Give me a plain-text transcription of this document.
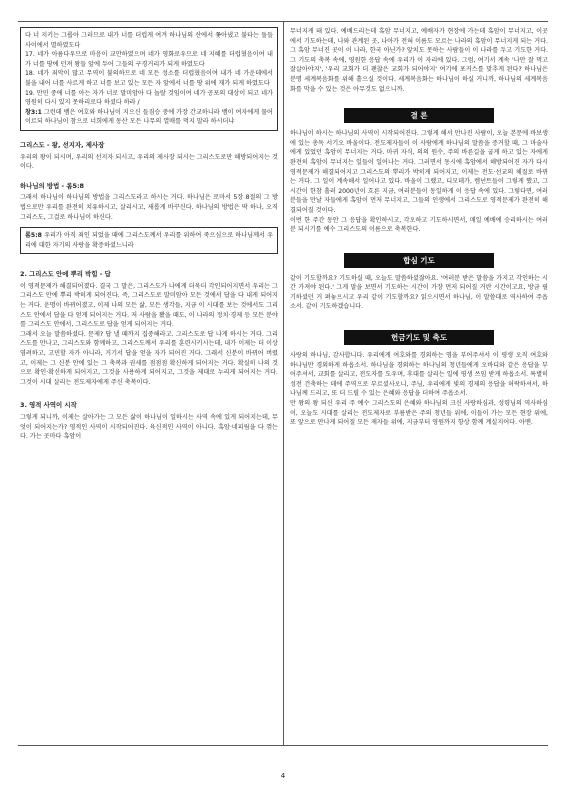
다 너 지키는 그룹아 그러므로 내가 너를 더럽게 여겨 하나님의 산에서 쫓아냈고 불타는 돌들 사이에서 멸하였도다

17. 네가 아름다우므로 마음이 교만하였으며 네가 영화로우므로 네 지혜를 더럽혔음이여 내가 너를 땅에 던져 왕들 앞에 두어 그들의 구경거리가 되게 하였도다

18. 네가 죄악이 많고 무역이 불의하므로 네 모든 성소를 더럽혔음이여 내가 네 가운데에서 불을 내어 너를 사르게 하고 너를 보고 있는 모든 자 앞에서 너를 땅 위에 재가 되게 하였도다

19. 만민 중에 너를 아는 자가 너로 말미암아 다 놀랄 것임이여 네가 공포의 대상이 되고 네가 영원히 다시 있지 못하리로다 하셨다 하라 /

창3:1 그런데 뱀은 여호와 하나님이 지으신 들짐승 중에 가장 간교하니라 뱀이 여자에게 물어 이르되 하나님이 참으로 너희에게 동산 모든 나무의 열매를 먹지 말라 하시더냐

그리스도 - 왕, 선지자, 제사장

우리의 왕이 되시며, 우리의 선지자 되시고, 우리의 제사장 되시는 그리스도로만 해방되어지는 것이다.

하나님의 방법 - 롬5:8

그래서 하나님이 하나님의 방법을 그리스도라고 하시는 거다. 하나님은 로마서 5장 8절의 그 방법으로만 우리를 완전히 치유하시고, 살리시고, 새롭게 바꾸신다. 하나님의 방법은 딱 하나, 오직 그리스도, 그걸로 하나님이 하신다.

롬5:8 우리가 아직 죄인 되었을 때에 그리스도께서 우리를 위하여 죽으심으로 하나님께서 우리에 대한 자기의 사랑을 확증하셨느니라

2. 그리스도 안에 뿌리 박힘 - 답

이 영적문제가 해결되어졌다. 결국 그 말은, 그리스도가 나에게 더욱더 각인되어지면서 우리는 그 그리스도 안에 뿌리 박히게 되어진다. 즉, 그리스도로 말미암아 모든 것에서 답을 다 내게 되어지는 거다. 운명이 바뀌어졌고, 이제 나의 모든 삶, 모든 생각들, 지금 이 시대를 보는 것에서도 그리스도 안에서 답을 다 얻게 되어지는 거다. 저 사람을 봤을 때도, 이 나라의 정치·경제 등 모든 분야를 그리스도 안에서, 그리스도로 답을 얻게 되어지는 거다.

그래서 오늘 말씀하셨다. 문제? 답 낼 때까지 집중해라고. 그리스도로 답 나게 하시는 거다. 그리스도를 만나고, 그리스도와 함께하고, 그리스도께서 우리를 훈련시키시는데, 내가 이제는 더 이상 염려하고, 고민할 자가 아니라, 거기서 답을 얻을 자가 되어진 거다. 그래서 신분이 바뀌어 버렸고, 이제는 그 신분 안에 있는 그 축복과 권세를 점점점 확신하게 되어지는 거다. 확실히 나의 것으로 확인·확신하게 되어지고, 그것을 사용하게 되어지고, 그것을 제대로 누리게 되어지는 거다. 그것이 시대 살리는 전도제자에게 주신 축복이다.

3. 영적 사역이 시작

그렇게 되니까, 이제는 살아가는 그 모든 삶이 하나님이 일하시는 사역 속에 있게 되어지는데, 무엇이 되어지는가? 영적인 사역이 시작되어진다. 육신적인 사역이 아니다. 혹암·네피림을 다 꺾는다. 가는 곳마다 혹암이

무너지게 돼 있다. 예배드리는데 혹암 무너지고, 예배자가 현장에 가는데 혹암이 무너지고, 이곳에서 기도하는데, 나와 관계된 곳, 나아가 전혀 이름도 모르는 나라의 혹암이 무너지게 되는 거다. 그 혹암 무너진 곳이 이 나라, 한국 아닌가? 앞치도 못하는 사람들이 이 나라를 두고 기도한 거다. 그 기도의 축복 속에, 영원한 응답 속에 우리가 이 자리에 있다. 그럼, 여기서 계속 '나만 잘 먹고 잘살아야지', '우리 교회가 더 괜찮은 교회가 되어야지' 여기에 포커스를 맞추게 된다? 하나님은 분명 세계복음화를 위해 흩으실 것이다. 세계복음화는 하나님이 하실 거니까, 하나님의 세계복음화를 막을 수 있는 것은 아무것도 없으니까.

결 론

하나님이 하시는 하나님의 사역이 시작되어진다. 그렇게 해서 만나진 사람이, 오늘 본문에 바보생에 있는 총독 서기오 바울이다. 전도제자들이 이 사람에게 하나님의 말씀을 증거할 때, 그 마술사에게 있었던 혹암이 무너지는 거다. 마귀 자식, 의의 원수, 주의 바른길을 굽게 하고 있는 자에게 완전히 혹암이 무너지는 일들이 일어나는 거다. 그러면서 동시에 혹암에서 해방되어진 자가 다시 영적문제가 해결되어지고 그리스도의 뿌리가 박히게 되어지고, 이제는 전도·선교의 체질로 바뀌는 거다. 그 일이 계속해서 일어나고 있다. 바울이 그랬고, 디모데가, 렘넌트들이 그렇게 했고, 그 시간이 한참 흘러 2000년이 흐른 지금, 여러분들이 동일하게 이 응답 속에 있다. 그렇다면, 여러분들을 만날 자들에게 혹암이 먼저 무너지고, 그들의 인생에서 그리스도로 영적문제가 완전히 해결되어질 것이다.

이번 한 주간 동안 그 응답을 확인하시고, 각오하고 기도하시면서, 매일 예배에 승리하시는 여러분 되시기를 예수 그리스도의 이름으로 축복한다.

합심 기도

같이 기도할까요? 기도하실 때, 오늘도 말씀하셨잖아요. '여러분 받은 말씀을 가지고 각인하는 시간 가져야 된다.' 그게 말을 보면서 기도하는 시간이 가장 먼저 되어질 거란 시간이고요, 방금 필기하셨던 거 펴놓으시고 우리 같이 기도할까요? 읽으시면서 하나님, 이 말씀대로 역사하여 주옵소서. 같이 기도하겠습니다.

헌금기도 및 축도

사랑의 하나님, 감사합니다. 우리에게 여호와를 경외하는 영을 부어주셔서 이 평생 오직 여호와 하나님만 경외하게 하옵소서. 하나님을 경외하는 하나님의 청년들에게 오바디와 같은 응답을 부어주셔서, 교회를 살리고, 전도자를 도우며, 후대를 살리는 일에 평생 쓰임 받게 하옵소서. 특별히 성전 건축하는 데에 주역으로 부르셨사오니, 주님, 우리에게 빛의 경제의 응답을 허락하셔서, 하나님께 드리고, 또 더 드릴 수 있는 은혜와 응답을 더하여 주옵소서.

만 왕의 왕 되신 우리 주 예수 그리스도의 은혜와 하나님의 크신 사랑하심과, 성령님의 역사하심이, 오늘도 시대를 살리는 전도제자로 부름받은 주의 청년들 위에, 이들이 가는 모든 현장 위에, 또 앞으로 만나게 되어질 모든 제자들 위에, 지금부터 영원까지 항상 함께 계실지어다. 아멘.

4
